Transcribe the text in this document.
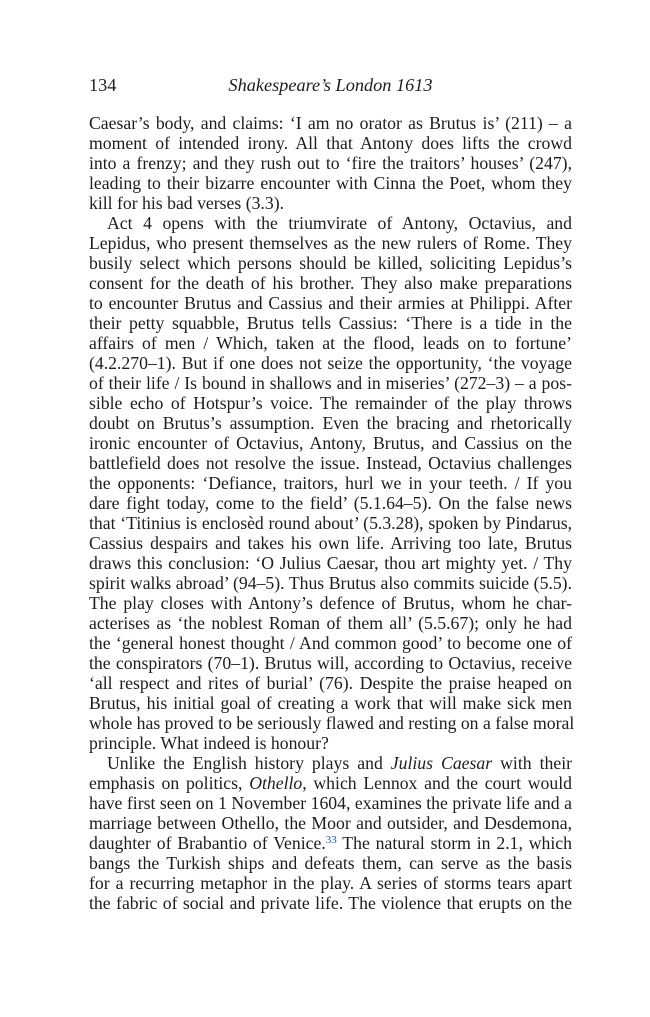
134	Shakespeare’s London 1613
Caesar’s body, and claims: ‘I am no orator as Brutus is’ (211) – a
moment of intended irony. All that Antony does lifts the crowd
into a frenzy; and they rush out to ‘fire the traitors’ houses’ (247),
leading to their bizarre encounter with Cinna the Poet, whom they
kill for his bad verses (3.3).
Act 4 opens with the triumvirate of Antony, Octavius, and
Lepidus, who present themselves as the new rulers of Rome. They
busily select which persons should be killed, soliciting Lepidus’s
consent for the death of his brother. They also make preparations
to encounter Brutus and Cassius and their armies at Philippi. After
their petty squabble, Brutus tells Cassius: ‘There is a tide in the
affairs of men / Which, taken at the flood, leads on to fortune’
(4.2.270–1). But if one does not seize the opportunity, ‘the voyage
of their life / Is bound in shallows and in miseries’ (272–3) – a pos-
sible echo of Hotspur’s voice. The remainder of the play throws
doubt on Brutus’s assumption. Even the bracing and rhetorically
ironic encounter of Octavius, Antony, Brutus, and Cassius on the
battlefield does not resolve the issue. Instead, Octavius challenges
the opponents: ‘Defiance, traitors, hurl we in your teeth. / If you
dare fight today, come to the field’ (5.1.64–5). On the false news
that ‘Titinius is enclosèd round about’ (5.3.28), spoken by Pindarus,
Cassius despairs and takes his own life. Arriving too late, Brutus
draws this conclusion: ‘O Julius Caesar, thou art mighty yet. / Thy
spirit walks abroad’ (94–5). Thus Brutus also commits suicide (5.5).
The play closes with Antony’s defence of Brutus, whom he char-
acterises as ‘the noblest Roman of them all’ (5.5.67); only he had
the ‘general honest thought / And common good’ to become one of
the conspirators (70–1). Brutus will, according to Octavius, receive
‘all respect and rites of burial’ (76). Despite the praise heaped on
Brutus, his initial goal of creating a work that will make sick men
whole has proved to be seriously flawed and resting on a false moral
principle. What indeed is honour?
Unlike the English history plays and Julius Caesar with their
emphasis on politics, Othello, which Lennox and the court would
have first seen on 1 November 1604, examines the private life and a
marriage between Othello, the Moor and outsider, and Desdemona,
daughter of Brabantio of Venice.$^{33}$ The natural storm in 2.1, which
bangs the Turkish ships and defeats them, can serve as the basis
for a recurring metaphor in the play. A series of storms tears apart
the fabric of social and private life. The violence that erupts on the
